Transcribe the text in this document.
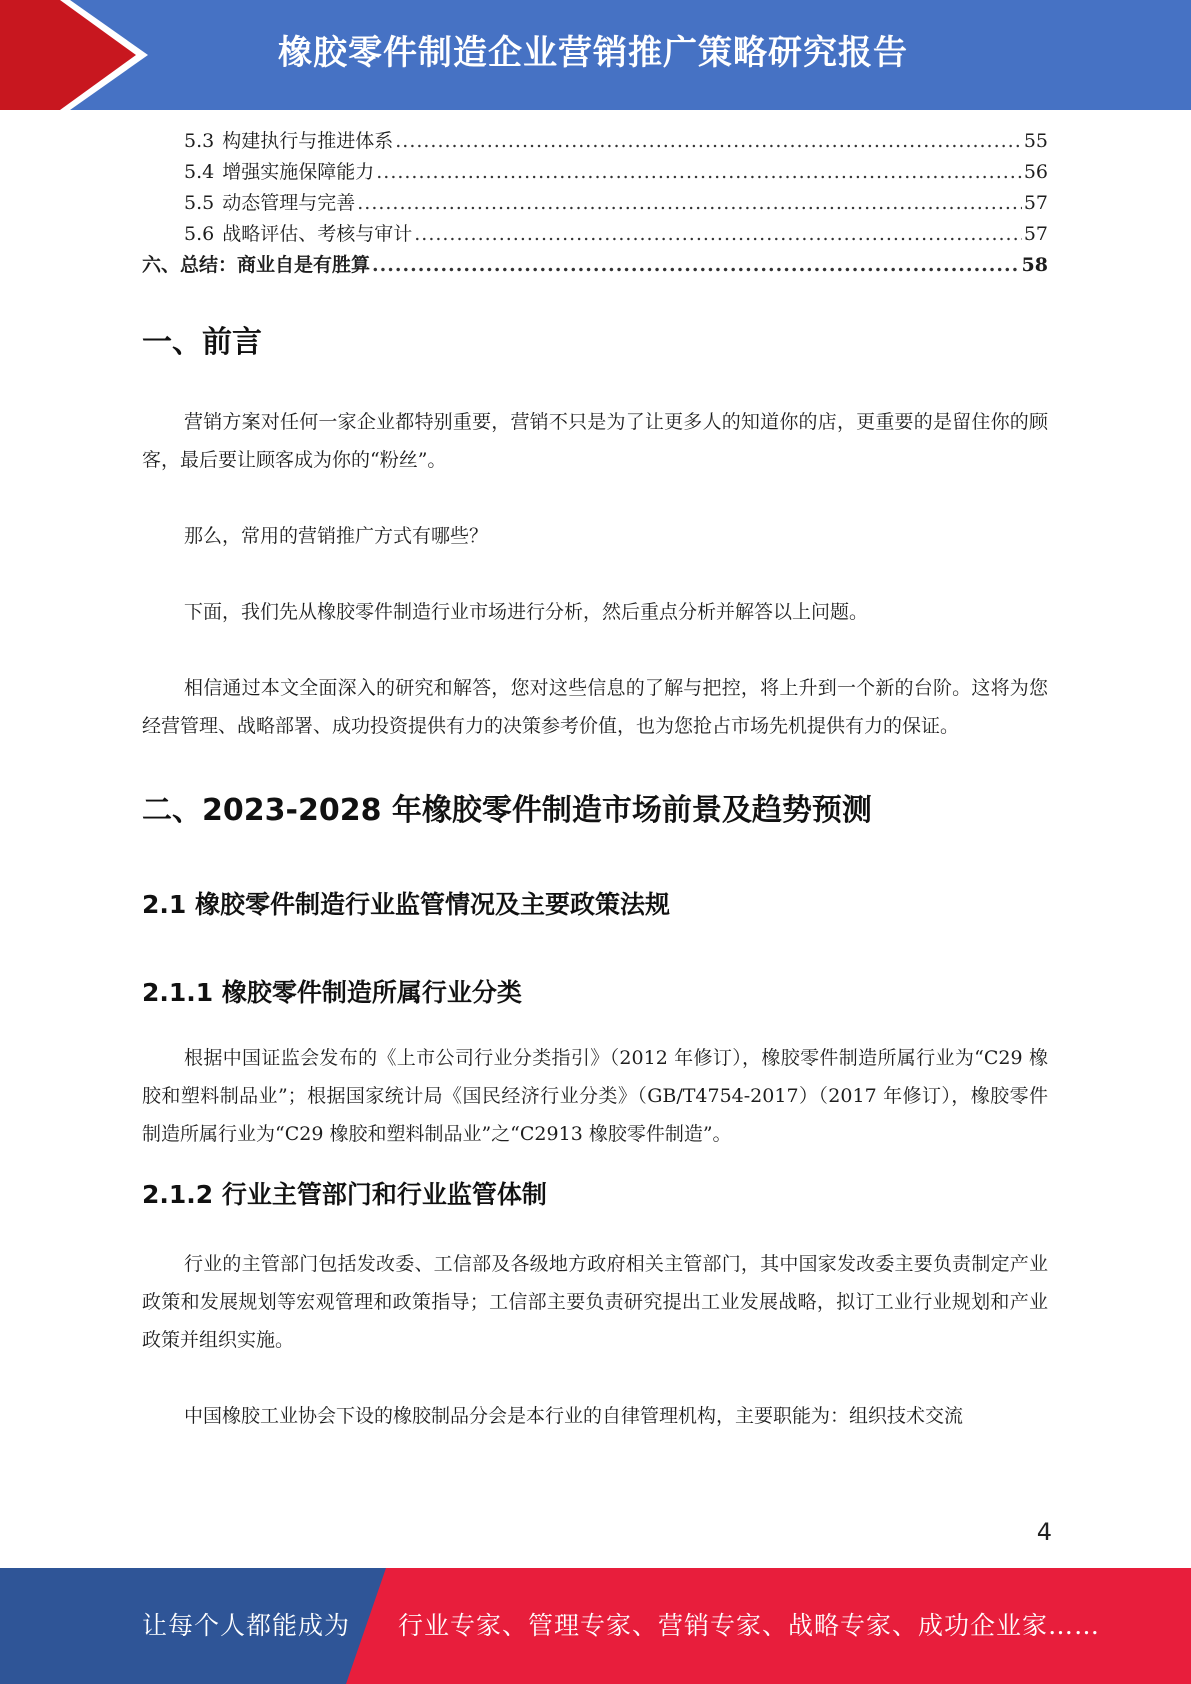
橡胶零件制造企业营销推广策略研究报告
5.3 构建执行与推进体系 .....	55
5.4 增强实施保障能力 .....	56
5.5 动态管理与完善 .....	57
5.6 战略评估、考核与审计 .....	57
六、总结：商业自是有胜算 .....	58
一、前言

营销方案对任何一家企业都特别重要，营销不只是为了让更多人的知道你的店，更重要的是留住你的顾客，最后要让顾客成为你的“粉丝”。

那么，常用的营销推广方式有哪些？

下面，我们先从橡胶零件制造行业市场进行分析，然后重点分析并解答以上问题。

相信通过本文全面深入的研究和解答，您对这些信息的了解与把控，将上升到一个新的台阶。这将为您经营管理、战略部署、成功投资提供有力的决策参考价值，也为您抢占市场先机提供有力的保证。

二、2023-2028 年橡胶零件制造市场前景及趋势预测
2.1 橡胶零件制造行业监管情况及主要政策法规
2.1.1 橡胶零件制造所属行业分类

根据中国证监会发布的《上市公司行业分类指引》（2012 年修订），橡胶零件制造所属行业为“C29 橡胶和塑料制品业”；根据国家统计局《国民经济行业分类》（GB/T4754-2017）（2017 年修订），橡胶零件制造所属行业为“C29 橡胶和塑料制品业”之“C2913 橡胶零件制造”。

2.1.2 行业主管部门和行业监管体制

行业的主管部门包括发改委、工信部及各级地方政府相关主管部门，其中国家发改委主要负责制定产业政策和发展规划等宏观管理和政策指导；工信部主要负责研究提出工业发展战略，拟订工业行业规划和产业政策并组织实施。

中国橡胶工业协会下设的橡胶制品分会是本行业的自律管理机构，主要职能为：组织技术交流

4
让每个人都能成为 行业专家、管理专家、营销专家、战略专家、成功企业家……
